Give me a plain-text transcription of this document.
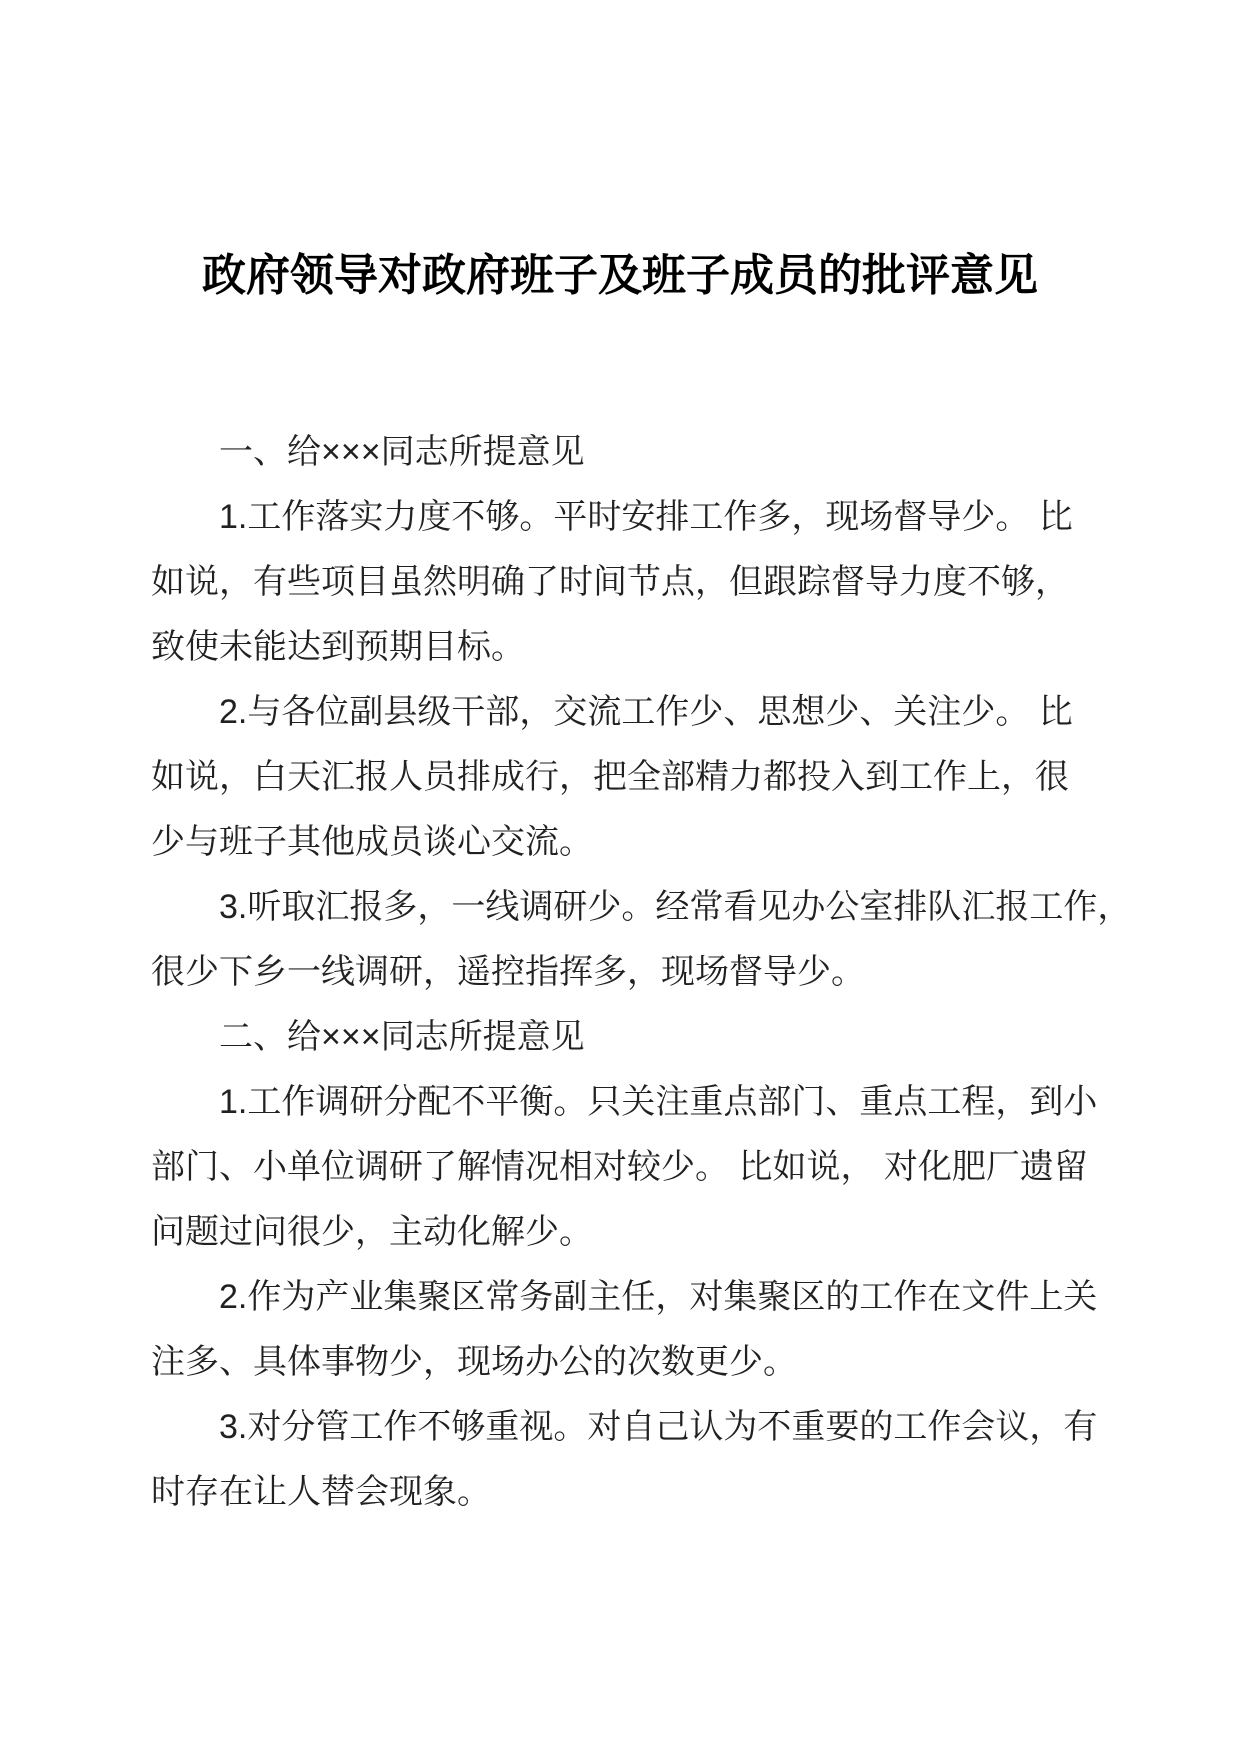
政府领导对政府班子及班子成员的批评意见
一、给×××同志所提意见
1.工作落实力度不够。平时安排工作多，现场督导少。 比
如说，有些项目虽然明确了时间节点，但跟踪督导力度不够，
致使未能达到预期目标。
2.与各位副县级干部，交流工作少、思想少、关注少。 比
如说，白天汇报人员排成行，把全部精力都投入到工作上，很
少与班子其他成员谈心交流。
3.听取汇报多，一线调研少。经常看见办公室排队汇报工作，
很少下乡一线调研，遥控指挥多，现场督导少。
二、给×××同志所提意见
1.工作调研分配不平衡。只关注重点部门、重点工程，到小
部门、小单位调研了解情况相对较少。 比如说， 对化肥厂遗留
问题过问很少，主动化解少。
2.作为产业集聚区常务副主任，对集聚区的工作在文件上关
注多、具体事物少，现场办公的次数更少。
3.对分管工作不够重视。对自己认为不重要的工作会议，有
时存在让人替会现象。
